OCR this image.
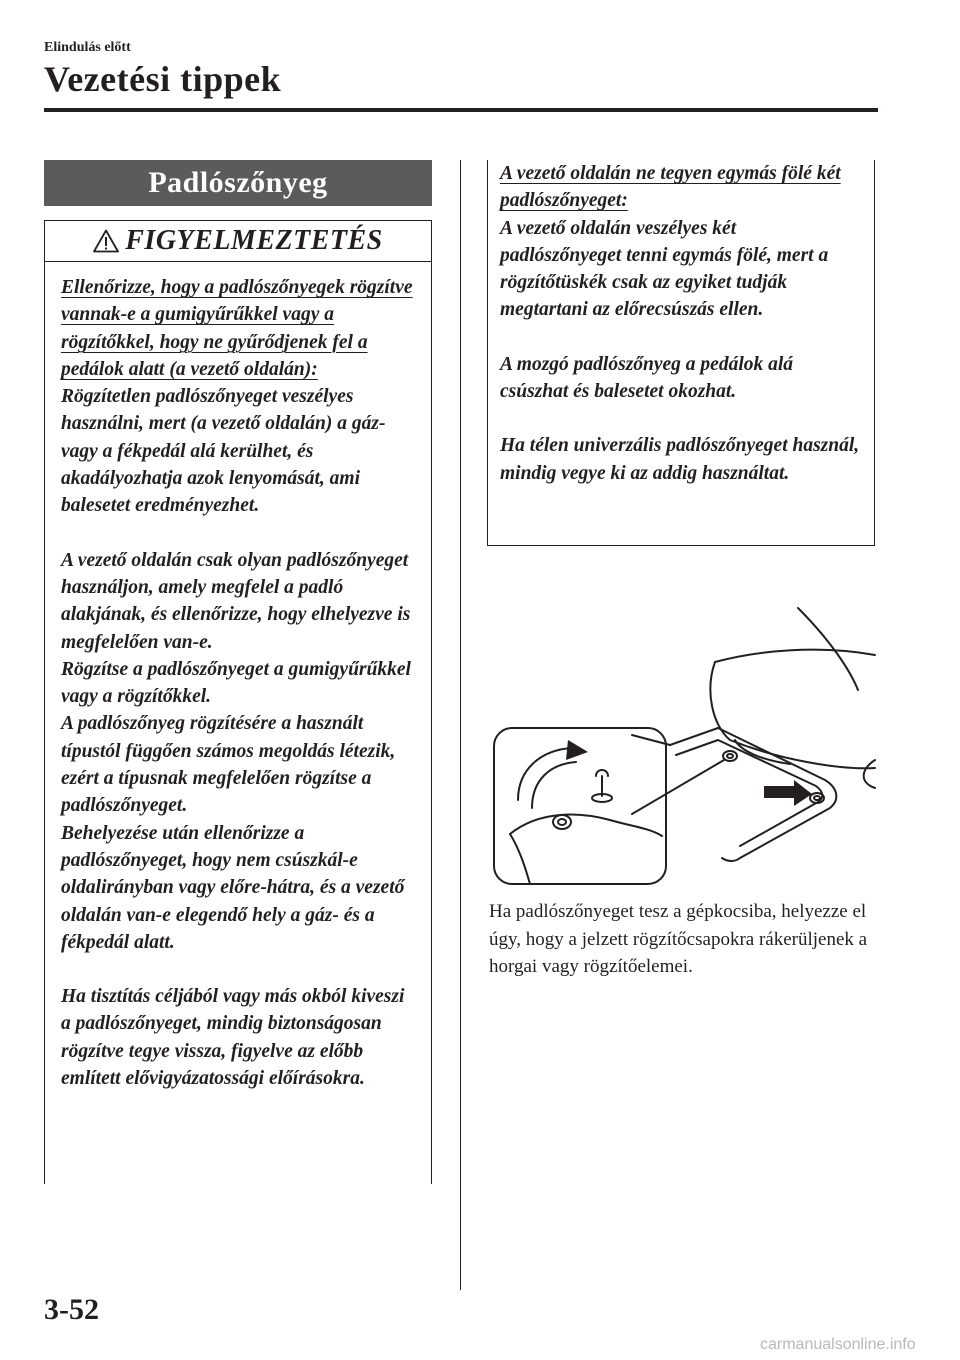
Elindulás előtt
Vezetési tippek
Padlószőnyeg
FIGYELMEZTETÉS

Ellenőrizze, hogy a padlószőnyegek rögzítve vannak-e a gumigyűrűkkel vagy a rögzítőkkel, hogy ne gyűrődjenek fel a pedálok alatt (a vezető oldalán):

Rögzítetlen padlószőnyeget veszélyes használni, mert (a vezető oldalán) a gáz- vagy a fékpedál alá kerülhet, és akadályozhatja azok lenyomását, ami balesetet eredményezhet.

A vezető oldalán csak olyan padlószőnyeget használjon, amely megfelel a padló alakjának, és ellenőrizze, hogy elhelyezve is megfelelően van-e.

Rögzítse a padlószőnyeget a gumigyűrűkkel vagy a rögzítőkkel.

A padlószőnyeg rögzítésére a használt típustól függően számos megoldás létezik, ezért a típusnak megfelelően rögzítse a padlószőnyeget.

Behelyezése után ellenőrizze a padlószőnyeget, hogy nem csúszkál-e oldalirányban vagy előre-hátra, és a vezető oldalán van-e elegendő hely a gáz- és a fékpedál alatt.

Ha tisztítás céljából vagy más okból kiveszi a padlószőnyeget, mindig biztonságosan rögzítve tegye vissza, figyelve az előbb említett elővigyázatossági előírásokra.

A vezető oldalán ne tegyen egymás fölé két padlószőnyeget:

A vezető oldalán veszélyes két padlószőnyeget tenni egymás fölé, mert a rögzítőtüskék csak az egyiket tudják megtartani az előrecsúszás ellen.

A mozgó padlószőnyeg a pedálok alá csúszhat és balesetet okozhat.

Ha télen univerzális padlószőnyeget használ, mindig vegye ki az addig használtat.

Ha padlószőnyeget tesz a gépkocsiba, helyezze el úgy, hogy a jelzett rögzítőcsapokra rákerüljenek a horgai vagy rögzítőelemei.
3-52
carmanualsonline.info
